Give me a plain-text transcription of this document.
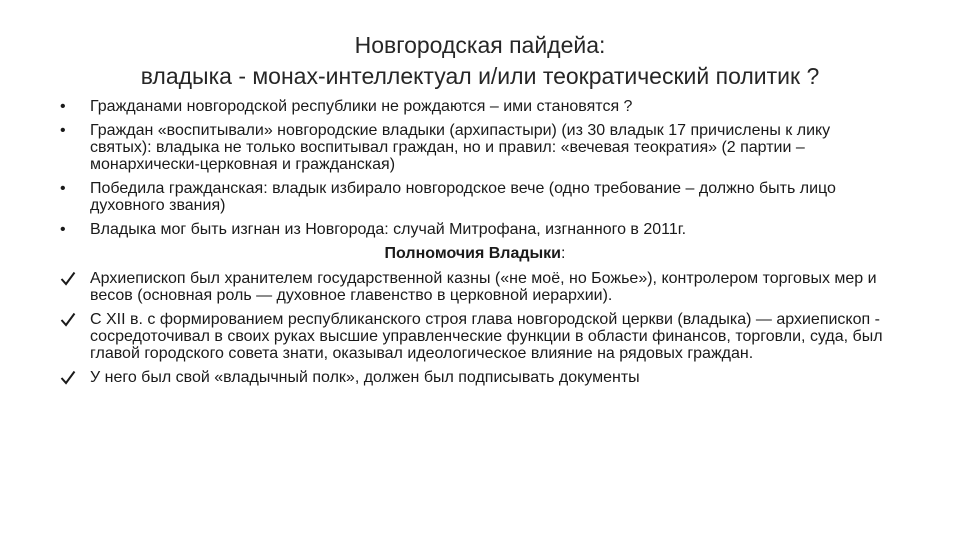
Новгородская пайдейа:
владыка - монах-интеллектуал и/или теократический политик ?
•	Гражданами новгородской республики не рождаются – ими становятся ?
•	Граждан «воспитывали» новгородские владыки (архипастыри) (из 30 владык 17 причислены к лику святых): владыка не только воспитывал граждан, но и правил: «вечевая теократия» (2 партии – монархически-церковная и гражданская)
•	Победила гражданская: владык избирало новгородское вече (одно требование – должно быть лицо духовного звания)
•	Владыка мог быть изгнан из Новгорода: случай Митрофана, изгнанного в 2011г.
Полномочия Владыки:
Архиепископ был хранителем государственной казны («не моё, но Божье»), контролером торговых мер и весов (основная роль — духовное главенство в церковной иерархии).
С XII в. с формированием республиканского строя глава новгородской церкви (владыка) — архиепископ - сосредоточивал в своих руках высшие управленческие функции в области финансов, торговли, суда, был главой городского совета знати, оказывал идеологическое влияние на рядовых граждан.
У него был свой «владычный полк», должен был подписывать документы
